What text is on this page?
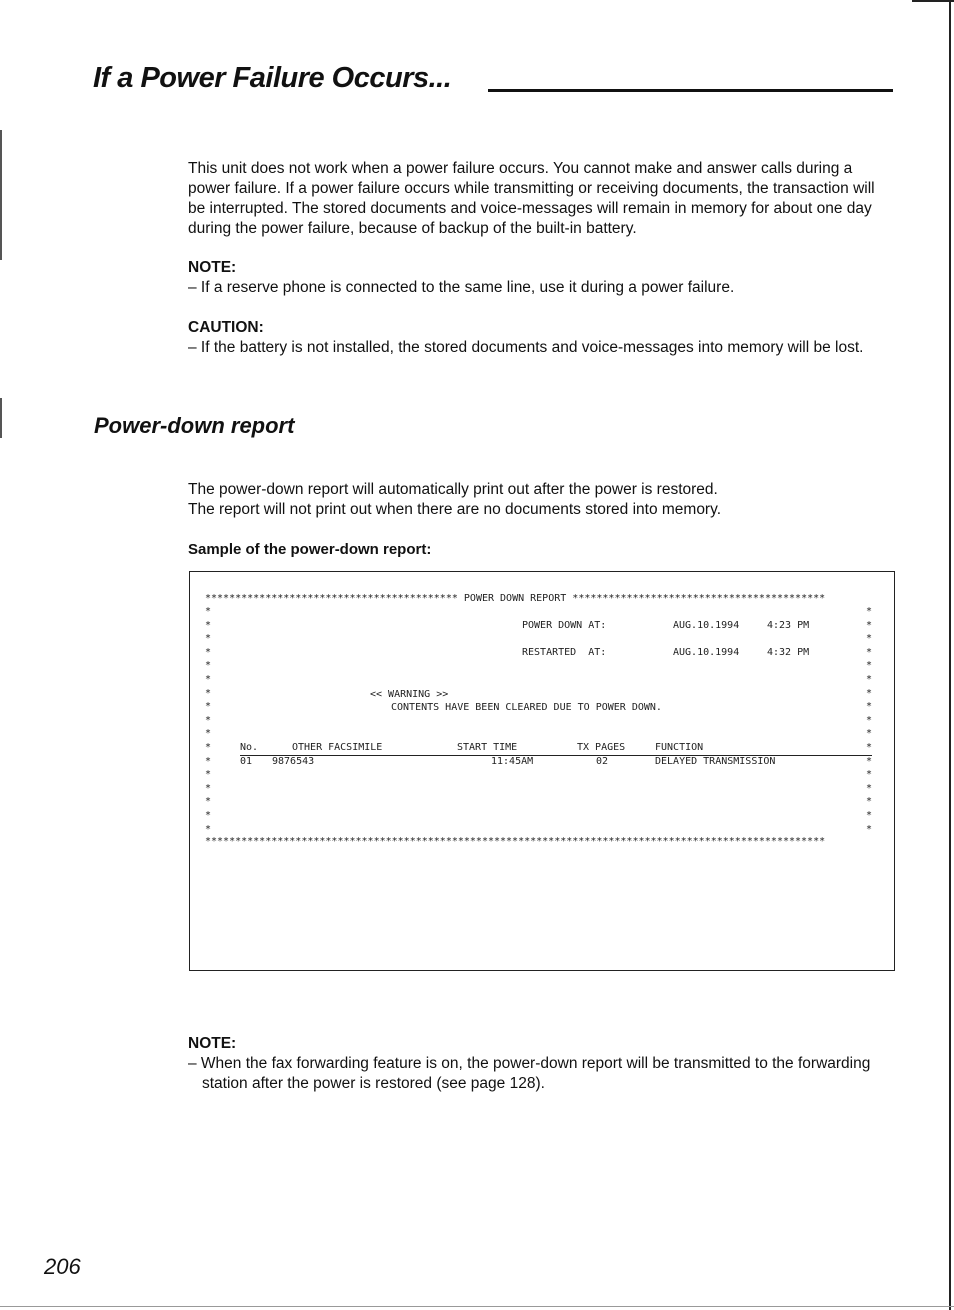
If a Power Failure Occurs...
This unit does not work when a power failure occurs. You cannot make and answer calls during a power failure. If a power failure occurs while transmitting or receiving documents, the transaction will be interrupted. The stored documents and voice-messages will remain in memory for about one day during the power failure, because of backup of the built-in battery.
NOTE:
– If a reserve phone is connected to the same line, use it during a power failure.
CAUTION:
– If the battery is not installed, the stored documents and voice-messages into memory will be lost.
Power-down report
The power-down report will automatically print out after the power is restored.
The report will not print out when there are no documents stored into memory.
Sample of the power-down report:
****************************************** POWER DOWN REPORT ******************************************
*	*
*	*
*	*
*	*
*	*
*	*
*	*
*	*
*	*
*	*
*	*
*	*
*	*
*	*
*	*
*	*
*	*
POWER DOWN AT:	AUG.10.1994	4:23 PM
RESTARTED  AT:	AUG.10.1994	4:32 PM
<< WARNING >>
CONTENTS HAVE BEEN CLEARED DUE TO POWER DOWN.
No.	OTHER FACSIMILE	START TIME	TX PAGES	FUNCTION
01 9876543	11:45AM	02	DELAYED TRANSMISSION
*******************************************************************************************************
NOTE:
– When the fax forwarding feature is on, the power-down report will be transmitted to the forwarding station after the power is restored (see page 128).
206
